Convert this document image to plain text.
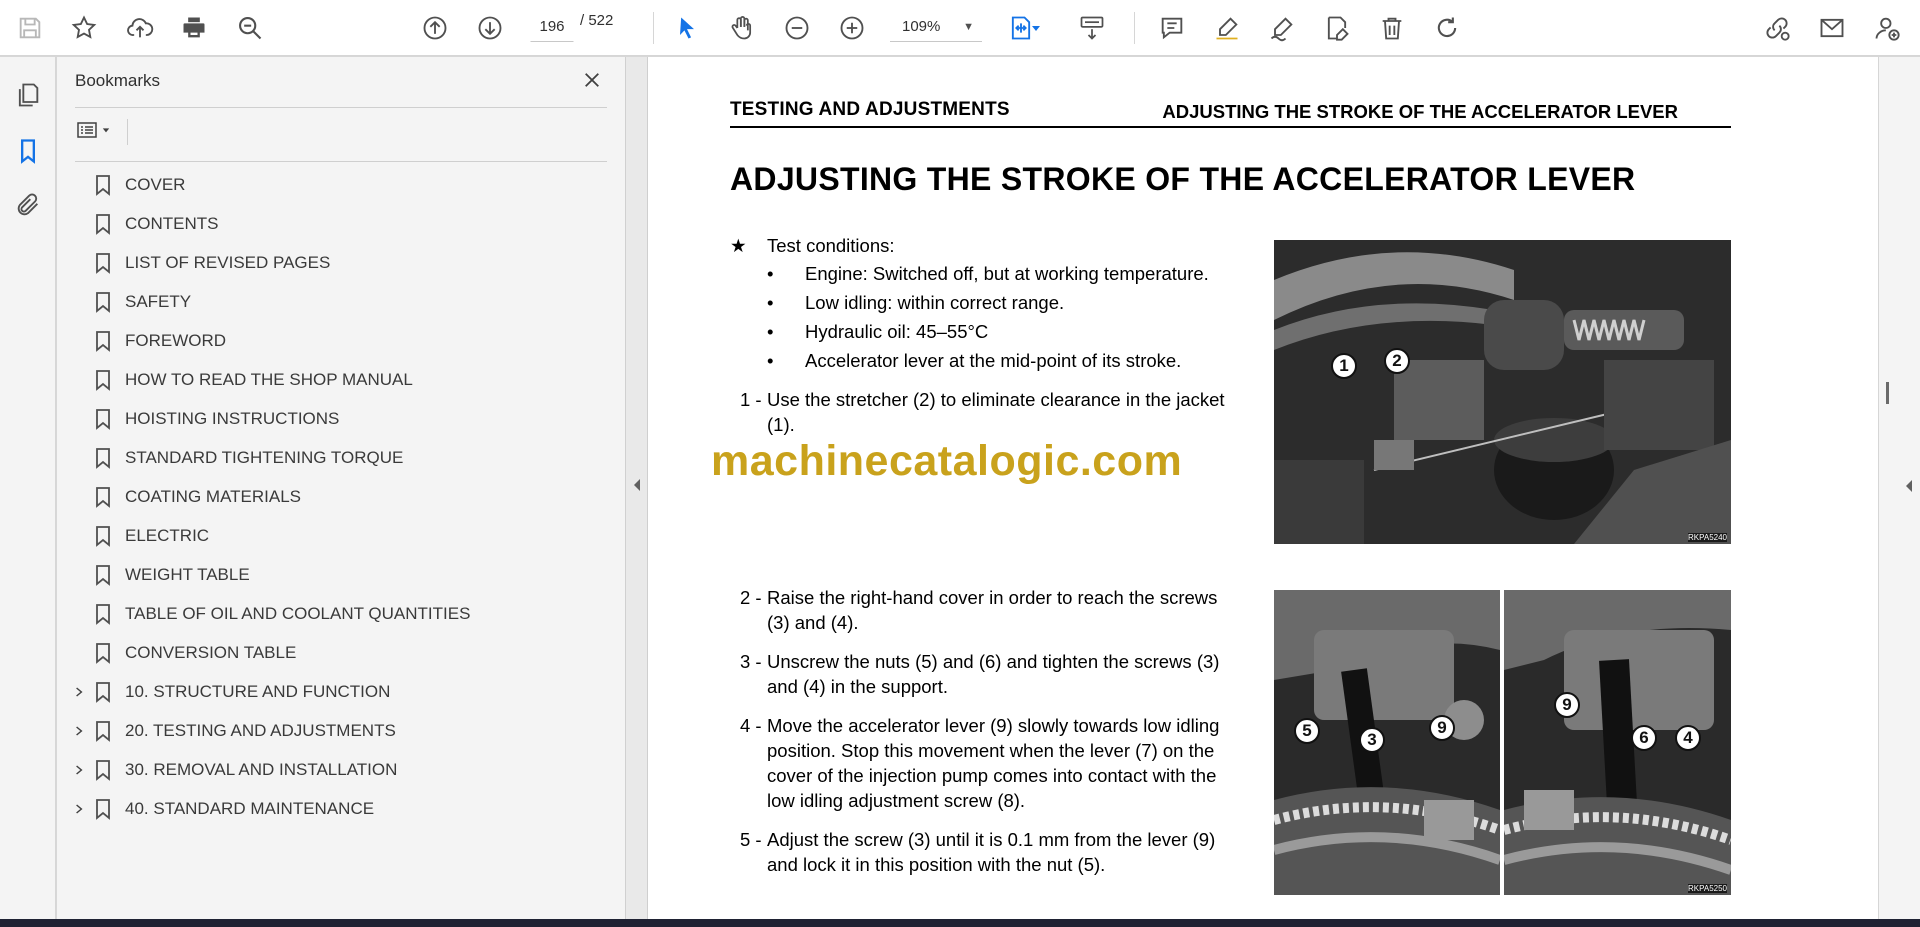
196	/ 522	109% ▼
Bookmarks
COVER
CONTENTS
LIST OF REVISED PAGES
SAFETY
FOREWORD
HOW TO READ THE SHOP MANUAL
HOISTING INSTRUCTIONS
STANDARD TIGHTENING TORQUE
COATING MATERIALS
ELECTRIC
WEIGHT TABLE
TABLE OF OIL AND COOLANT QUANTITIES
CONVERSION TABLE
10. STRUCTURE AND FUNCTION
20. TESTING AND ADJUSTMENTS
30. REMOVAL AND INSTALLATION
40. STANDARD MAINTENANCE
TESTING AND ADJUSTMENTS	ADJUSTING THE STROKE OF THE ACCELERATOR LEVER
ADJUSTING THE STROKE OF THE ACCELERATOR LEVER
★ Test conditions:
• Engine: Switched off, but at working temperature.
• Low idling: within correct range.
• Hydraulic oil: 45–55°C
• Accelerator lever at the mid-point of its stroke.
1 - Use the stretcher (2) to eliminate clearance in the jacket
(1).
2 - Raise the right-hand cover in order to reach the screws
(3) and (4).
3 - Unscrew the nuts (5) and (6) and tighten the screws (3)
and (4) in the support.
4 - Move the accelerator lever (9) slowly towards low idling
position. Stop this movement when the lever (7) on the
cover of the injection pump comes into contact with the
low idling adjustment screw (8).
5 - Adjust the screw (3) until it is 0.1 mm from the lever (9)
and lock it in this position with the nut (5).
1	2
RKPA5240
5	3
9
9
6	4
RKPA5250
machinecatalogic.com
